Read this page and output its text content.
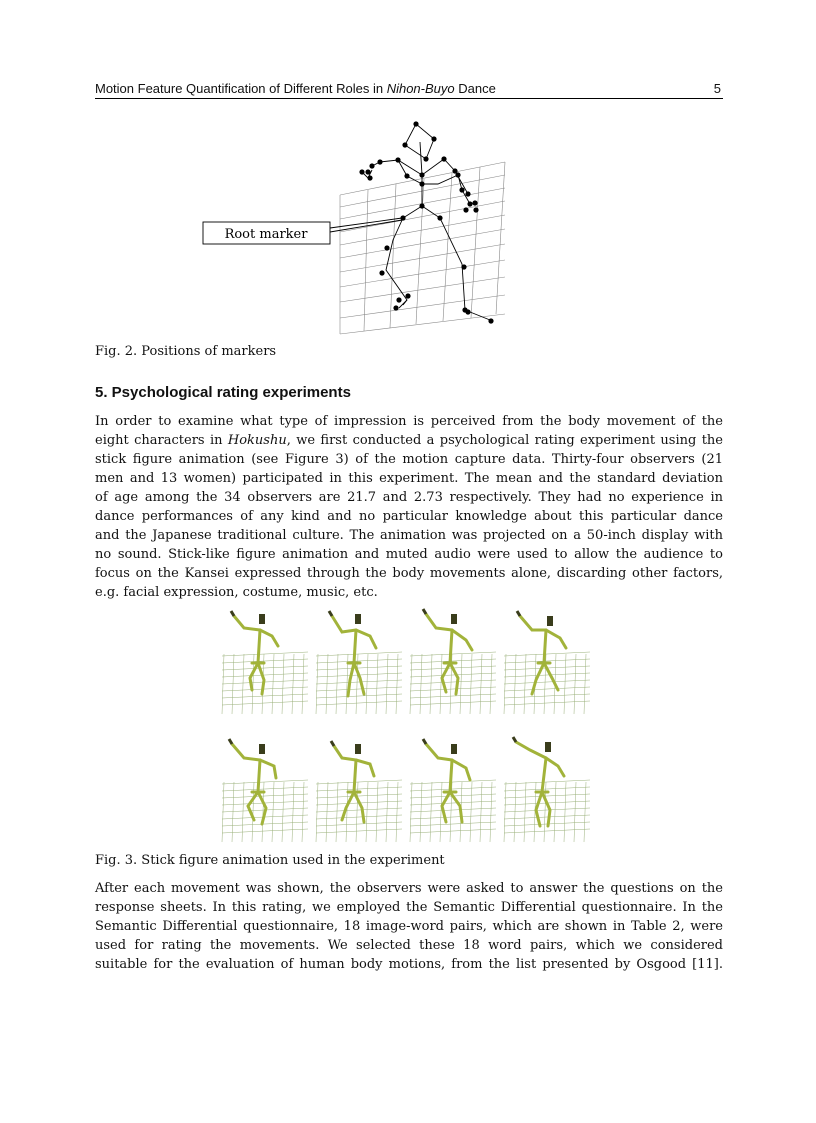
Motion Feature Quantification of Different Roles in Nihon-Buyo Dance	5
Root marker
Fig. 2. Positions of markers
5. Psychological rating experiments
In order to examine what type of impression is perceived from the body movement of the
eight characters in Hokushu, we first conducted a psychological rating experiment using the
stick figure animation (see Figure 3) of the motion capture data. Thirty-four observers (21
men and 13 women) participated in this experiment. The mean and the standard deviation
of age among the 34 observers are 21.7 and 2.73 respectively. They had no experience in
dance performances of any kind and no particular knowledge about this particular dance
and the Japanese traditional culture. The animation was projected on a 50-inch display with
no sound. Stick-like figure animation and muted audio were used to allow the audience to
focus on the Kansei expressed through the body movements alone, discarding other factors,
e.g. facial expression, costume, music, etc.
Fig. 3. Stick figure animation used in the experiment
After each movement was shown, the observers were asked to answer the questions on the
response sheets. In this rating, we employed the Semantic Differential questionnaire. In the
Semantic Differential questionnaire, 18 image-word pairs, which are shown in Table 2, were
used for rating the movements. We selected these 18 word pairs, which we considered
suitable for the evaluation of human body motions, from the list presented by Osgood [11].
